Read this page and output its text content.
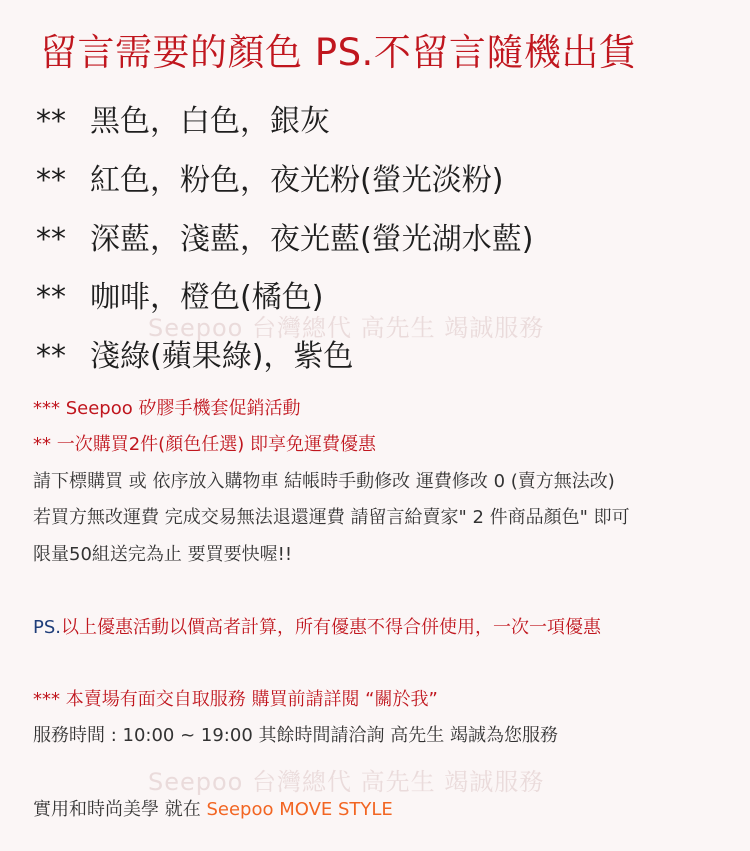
留言需要的顏色 PS.不留言隨機出貨
** 黑色，白色，銀灰
** 紅色，粉色，夜光粉(螢光淡粉)
** 深藍，淺藍，夜光藍(螢光湖水藍)
** 咖啡，橙色(橘色)
** 淺綠(蘋果綠)，紫色
Seepoo 台灣總代 高先生 竭誠服務
Seepoo 台灣總代 高先生 竭誠服務
*** Seepoo 矽膠手機套促銷活動
** 一次購買2件(顏色任選) 即享免運費優惠
請下標購買 或 依序放入購物車 結帳時手動修改 運費修改 0 (賣方無法改)
若買方無改運費 完成交易無法退還運費 請留言給賣家" 2 件商品顏色" 即可
限量50組送完為止 要買要快喔!!
PS.以上優惠活動以價高者計算，所有優惠不得合併使用，一次一項優惠
*** 本賣場有面交自取服務 購買前請詳閱 “關於我”
服務時間 : 10:00 ~ 19:00 其餘時間請洽詢 高先生 竭誠為您服務
實用和時尚美學 就在 Seepoo MOVE STYLE
